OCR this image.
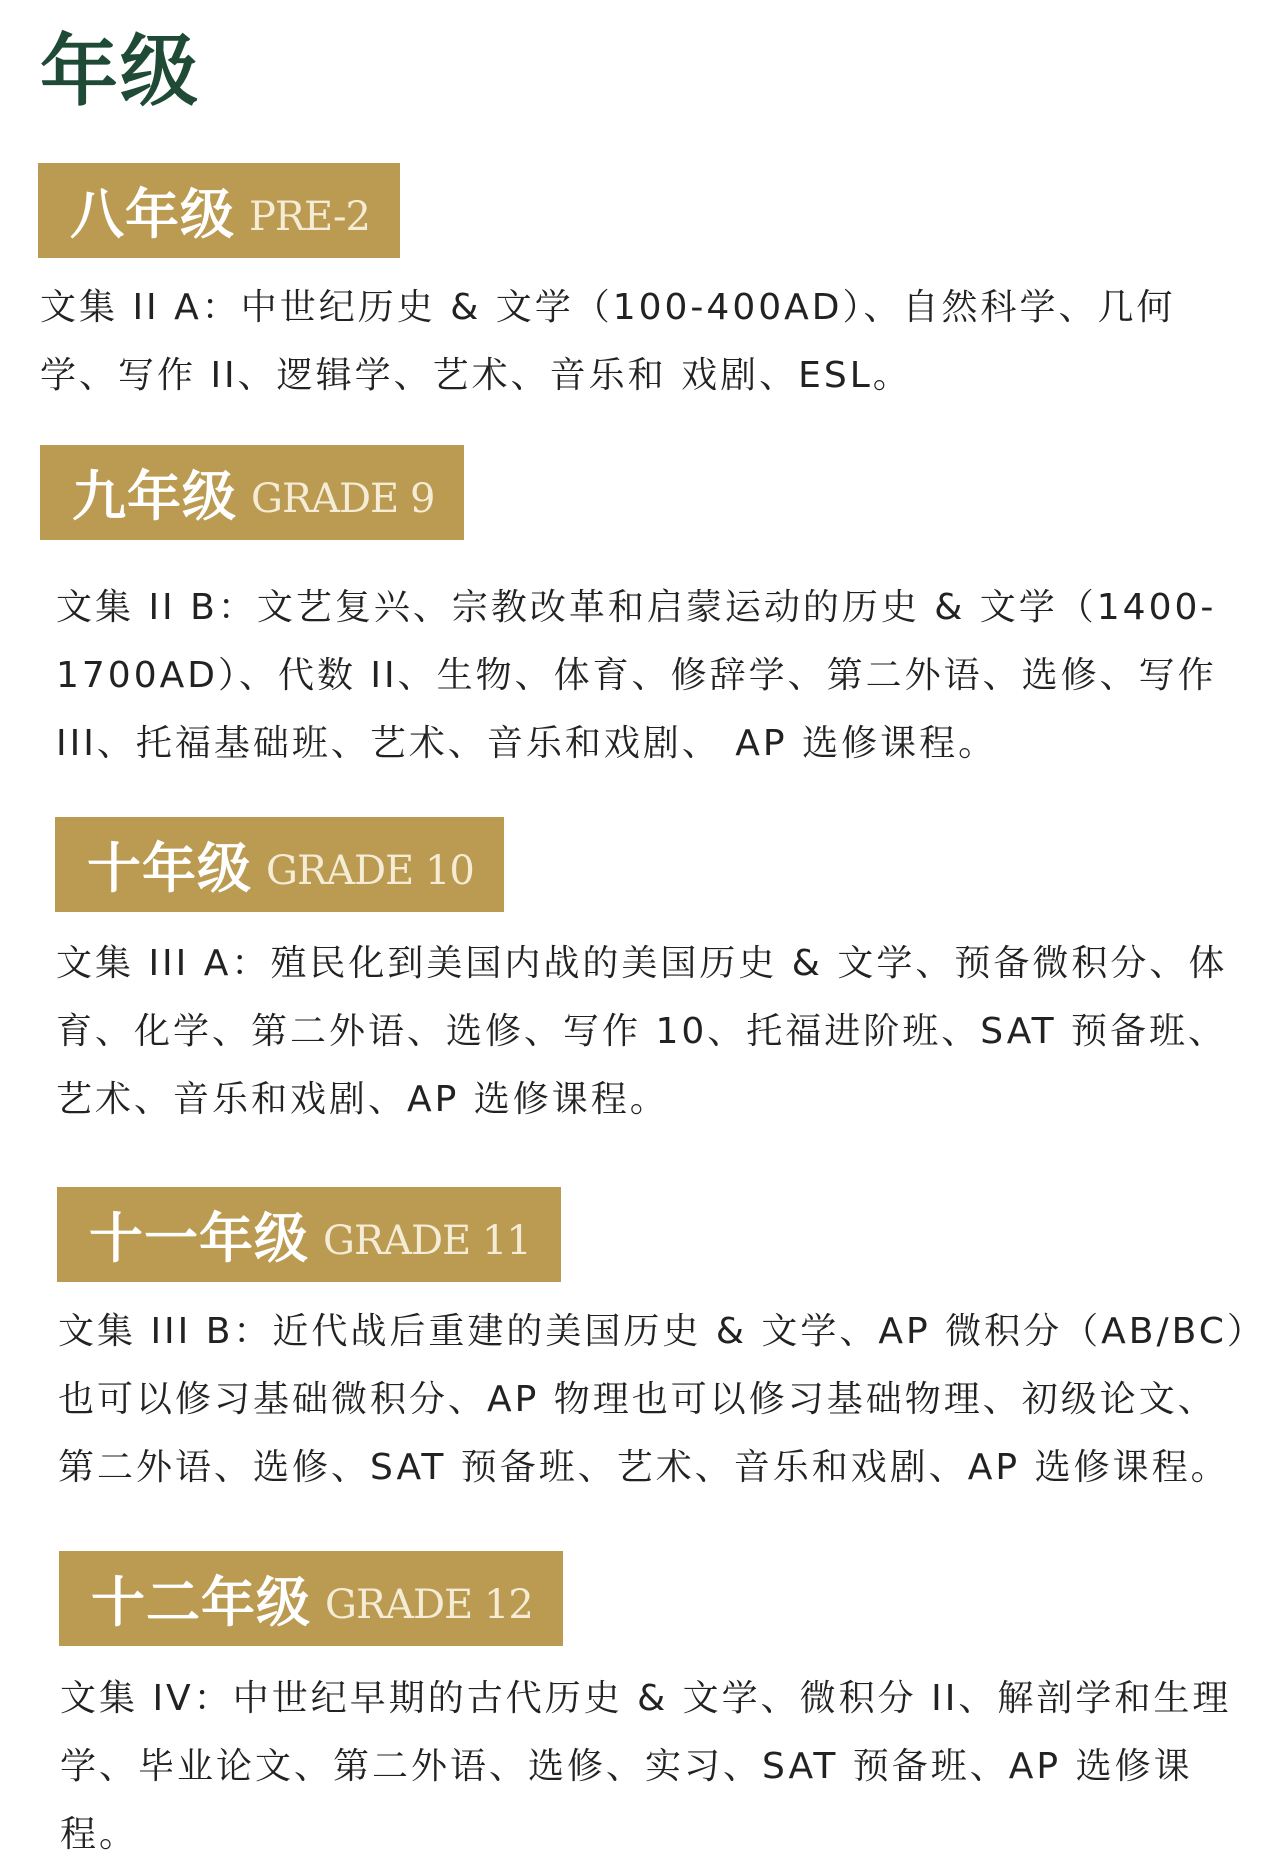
年级
八年级 PRE-2

文集 II A：中世纪历史 & 文学（100-400AD）、自然科学、几何学、写作 II、逻辑学、艺术、音乐和 戏剧、ESL。

九年级 GRADE 9

文集 II B：文艺复兴、宗教改革和启蒙运动的历史 & 文学（1400-1700AD）、代数 II、生物、体育、修辞学、第二外语、选修、写作 III、托福基础班、艺术、音乐和戏剧、 AP 选修课程。

十年级 GRADE 10

文集 III A：殖民化到美国内战的美国历史 & 文学、预备微积分、体育、化学、第二外语、选修、写作 10、托福进阶班、SAT 预备班、艺术、音乐和戏剧、AP 选修课程。

十一年级 GRADE 11

文集 III B：近代战后重建的美国历史 & 文学、AP 微积分（AB/BC）也可以修习基础微积分、AP 物理也可以修习基础物理、初级论文、第二外语、选修、SAT 预备班、艺术、音乐和戏剧、AP 选修课程。

十二年级 GRADE 12

文集 IV：中世纪早期的古代历史 & 文学、微积分 II、解剖学和生理学、毕业论文、第二外语、选修、实习、SAT 预备班、AP 选修课程。
